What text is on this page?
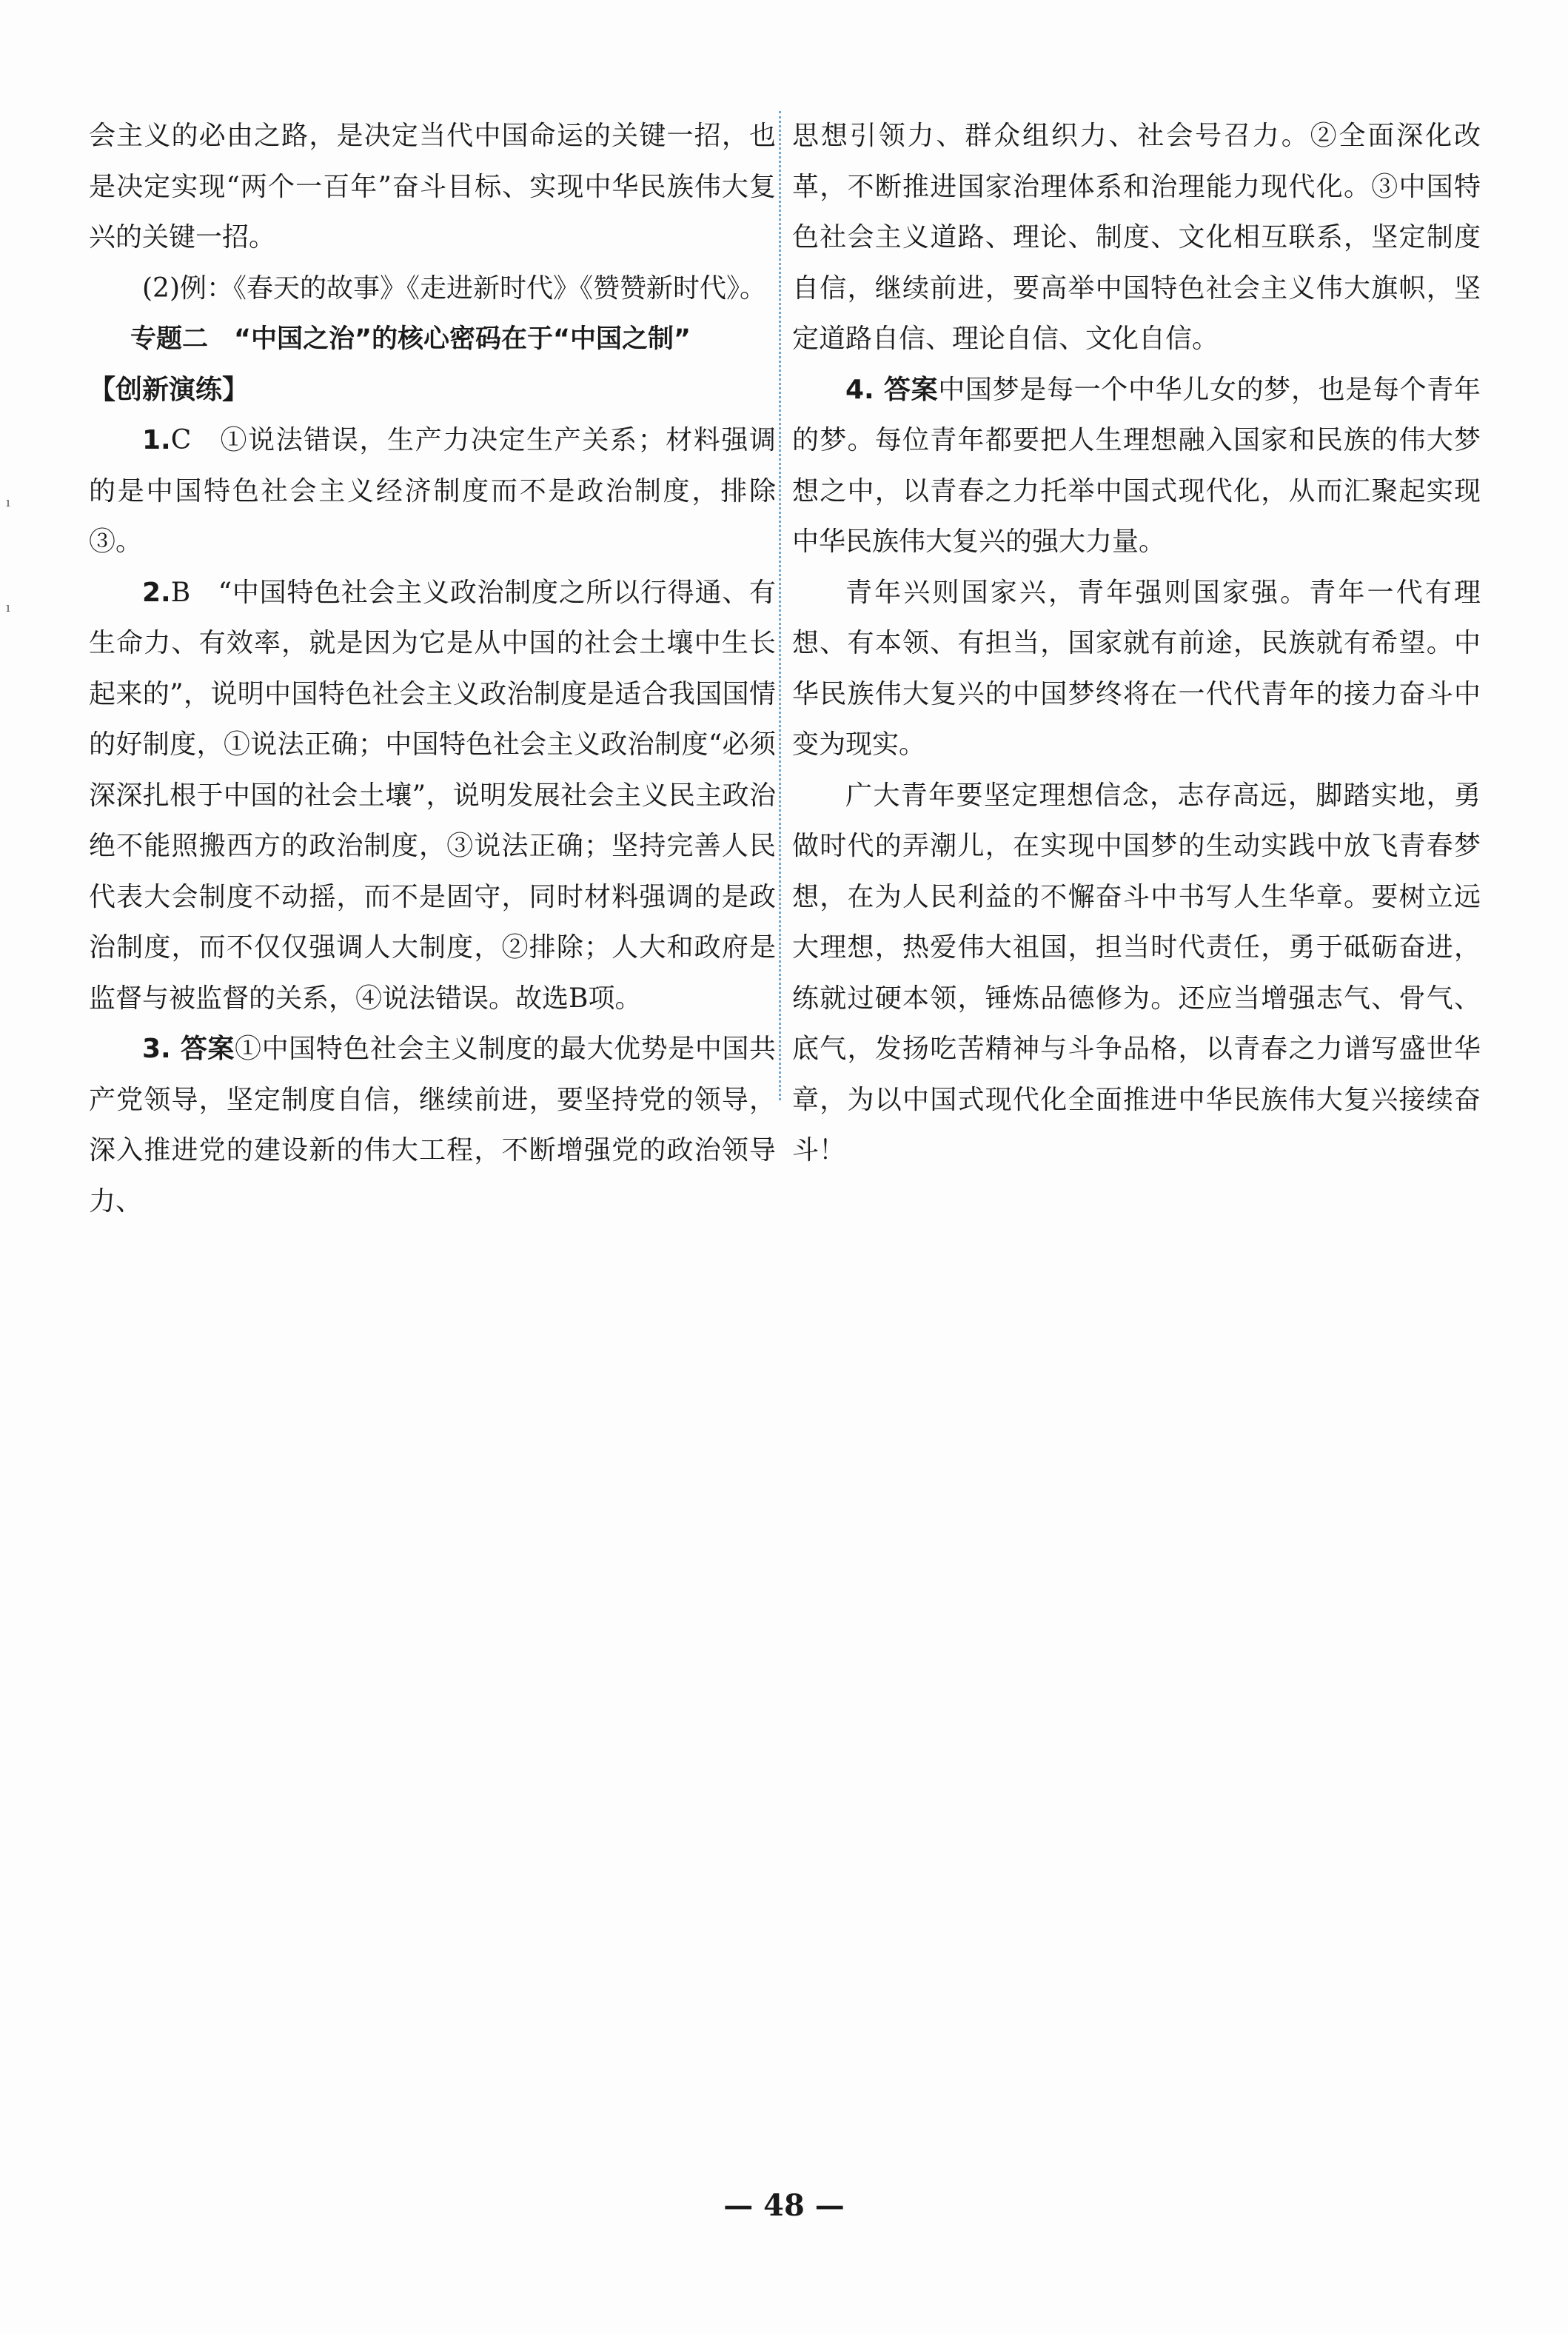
ı
ı

会主义的必由之路，是决定当代中国命运的关键一招，也是决定实现“两个一百年”奋斗目标、实现中华民族伟大复兴的关键一招。

(2)例：《春天的故事》《走进新时代》《赞赞新时代》。

专题二　“中国之治”的核心密码在于“中国之制”

【创新演练】

1.C　①说法错误，生产力决定生产关系；材料强调的是中国特色社会主义经济制度而不是政治制度，排除③。

2.B　“中国特色社会主义政治制度之所以行得通、有生命力、有效率，就是因为它是从中国的社会土壤中生长起来的”，说明中国特色社会主义政治制度是适合我国国情的好制度，①说法正确；中国特色社会主义政治制度“必须深深扎根于中国的社会土壤”，说明发展社会主义民主政治绝不能照搬西方的政治制度，③说法正确；坚持完善人民代表大会制度不动摇，而不是固守，同时材料强调的是政治制度，而不仅仅强调人大制度，②排除；人大和政府是监督与被监督的关系，④说法错误。故选B项。

3. 答案①中国特色社会主义制度的最大优势是中国共产党领导，坚定制度自信，继续前进，要坚持党的领导，深入推进党的建设新的伟大工程，不断增强党的政治领导力、

思想引领力、群众组织力、社会号召力。②全面深化改革，不断推进国家治理体系和治理能力现代化。③中国特色社会主义道路、理论、制度、文化相互联系，坚定制度自信，继续前进，要高举中国特色社会主义伟大旗帜，坚定道路自信、理论自信、文化自信。

4. 答案中国梦是每一个中华儿女的梦，也是每个青年的梦。每位青年都要把人生理想融入国家和民族的伟大梦想之中，以青春之力托举中国式现代化，从而汇聚起实现中华民族伟大复兴的强大力量。

青年兴则国家兴，青年强则国家强。青年一代有理想、有本领、有担当，国家就有前途，民族就有希望。中华民族伟大复兴的中国梦终将在一代代青年的接力奋斗中变为现实。

广大青年要坚定理想信念，志存高远，脚踏实地，勇做时代的弄潮儿，在实现中国梦的生动实践中放飞青春梦想，在为人民利益的不懈奋斗中书写人生华章。要树立远大理想，热爱伟大祖国，担当时代责任，勇于砥砺奋进，练就过硬本领，锤炼品德修为。还应当增强志气、骨气、底气，发扬吃苦精神与斗争品格，以青春之力谱写盛世华章，为以中国式现代化全面推进中华民族伟大复兴接续奋斗！

— 48 —
